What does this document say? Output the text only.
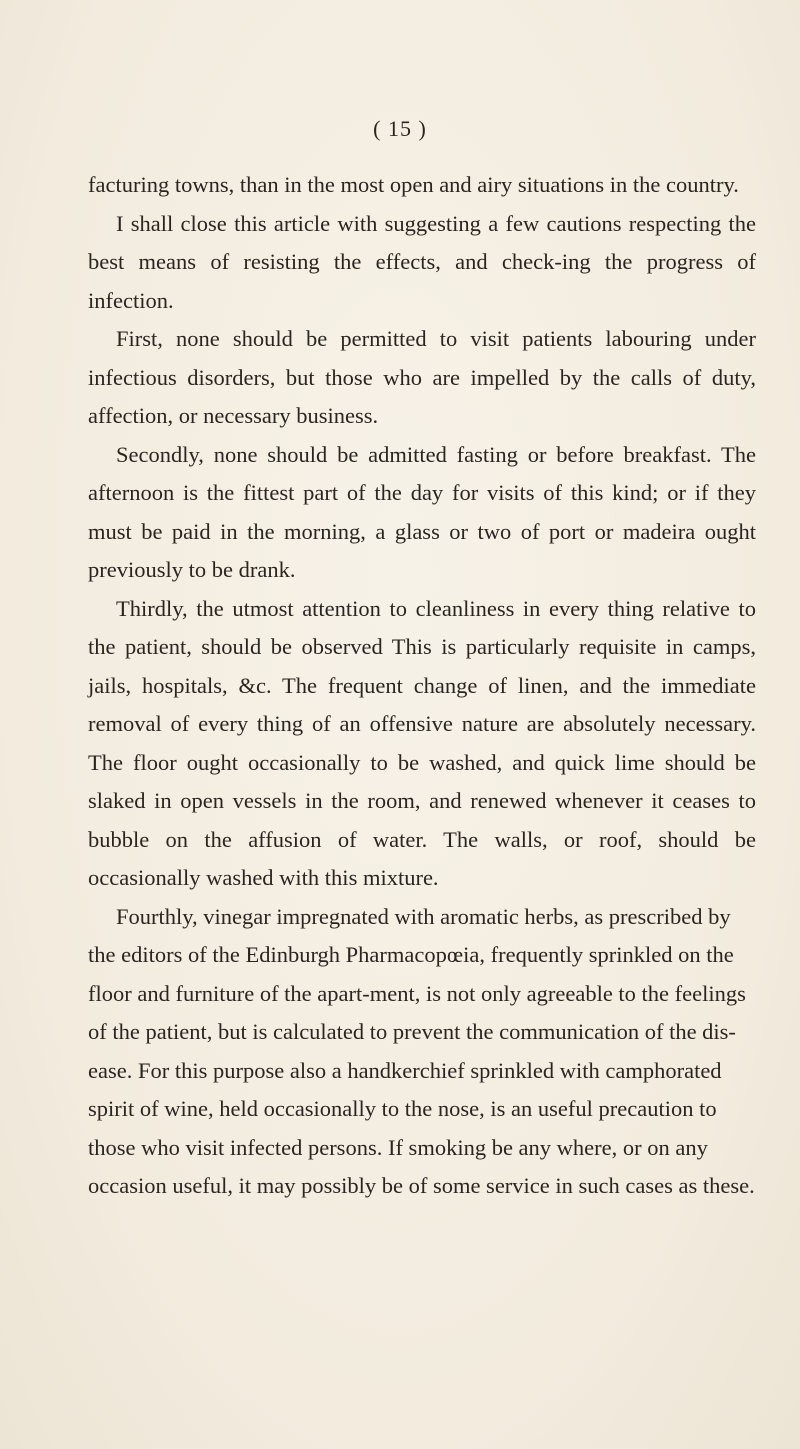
( 15 )

facturing towns, than in the most open and airy situations in the country.

I shall close this article with suggesting a few cautions respecting the best means of resisting the effects, and check-ing the progress of infection.

First, none should be permitted to visit patients labouring under infectious disorders, but those who are impelled by the calls of duty, affection, or necessary business.

Secondly, none should be admitted fasting or before breakfast. The afternoon is the fittest part of the day for visits of this kind; or if they must be paid in the morning, a glass or two of port or madeira ought previously to be drank.

Thirdly, the utmost attention to cleanliness in every thing relative to the patient, should be observed This is particularly requisite in camps, jails, hospitals, &c. The frequent change of linen, and the immediate removal of every thing of an offensive nature are absolutely necessary. The floor ought occasionally to be washed, and quick lime should be slaked in open vessels in the room, and renewed whenever it ceases to bubble on the affusion of water. The walls, or roof, should be occasionally washed with this mixture.

Fourthly, vinegar impregnated with aromatic herbs, as prescribed by the editors of the Edinburgh Pharmacopœia, frequently sprinkled on the floor and furniture of the apart-ment, is not only agreeable to the feelings of the patient, but is calculated to prevent the communication of the dis-ease. For this purpose also a handkerchief sprinkled with camphorated spirit of wine, held occasionally to the nose, is an useful precaution to those who visit infected persons. If smoking be any where, or on any occasion useful, it may possibly be of some service in such cases as these.
